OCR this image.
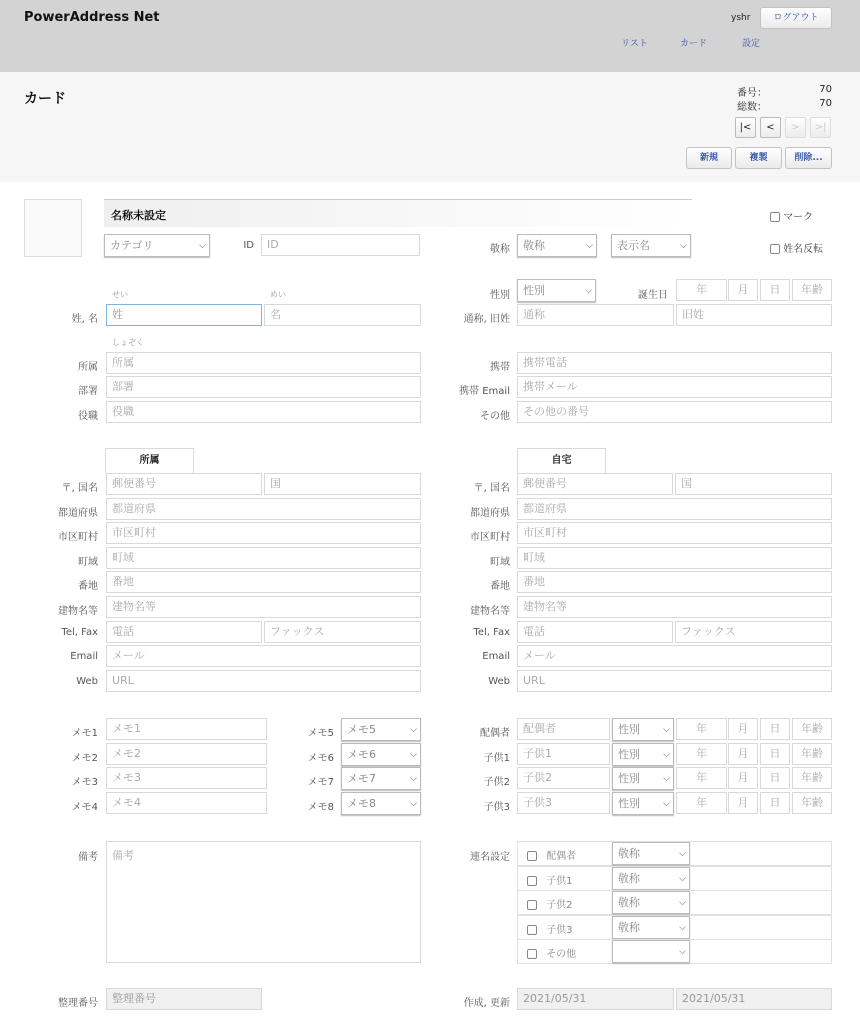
PowerAddress Net	yshr	ログアウト
リスト	カード	設定
カード	番号：	70
総数：	70
|<	<	>	>|
新規	複製	削除...
名称未設定
カテゴリ	⌵	ID	ID	敬称	敬称	⌵	表示名	⌵
マーク
姓名反転
せい	めい
姓, 名	姓	名
しょぞく
所属	所属
部署	部署
役職	役職
性別	性別	⌵	誕生日	年	月	日	年齢
通称, 旧姓	通称	旧姓
携帯	携帯電話
携帯 Email	携帯メール
その他	その他の番号
所属	自宅
〒, 国名	郵便番号	国
都道府県	都道府県
市区町村	市区町村
町域	町域
番地	番地
建物名等	建物名等
Tel, Fax	電話	ファックス
Email	メール
Web	URL
〒, 国名	郵便番号	国
都道府県	都道府県
市区町村	市区町村
町域	町域
番地	番地
建物名等	建物名等
Tel, Fax	電話	ファックス
Email	メール
Web	URL
メモ1	メモ1	メモ5	メモ5	⌵
メモ2	メモ2	メモ6	メモ6	⌵
メモ3	メモ3	メモ7	メモ7	⌵
メモ4	メモ4	メモ8	メモ8	⌵
配偶者	配偶者	性別	⌵	年	月	日	年齢
子供1	子供1	性別	⌵	年	月	日	年齢
子供2	子供2	性別	⌵	年	月	日	年齢
子供3	子供3	性別	⌵	年	月	日	年齢
備考	備考	連名設定	配偶者	敬称	⌵
子供1	敬称	⌵
子供2	敬称	⌵
子供3	敬称	⌵
その他	⌵
整理番号	整理番号	作成, 更新	2021/05/31	2021/05/31
